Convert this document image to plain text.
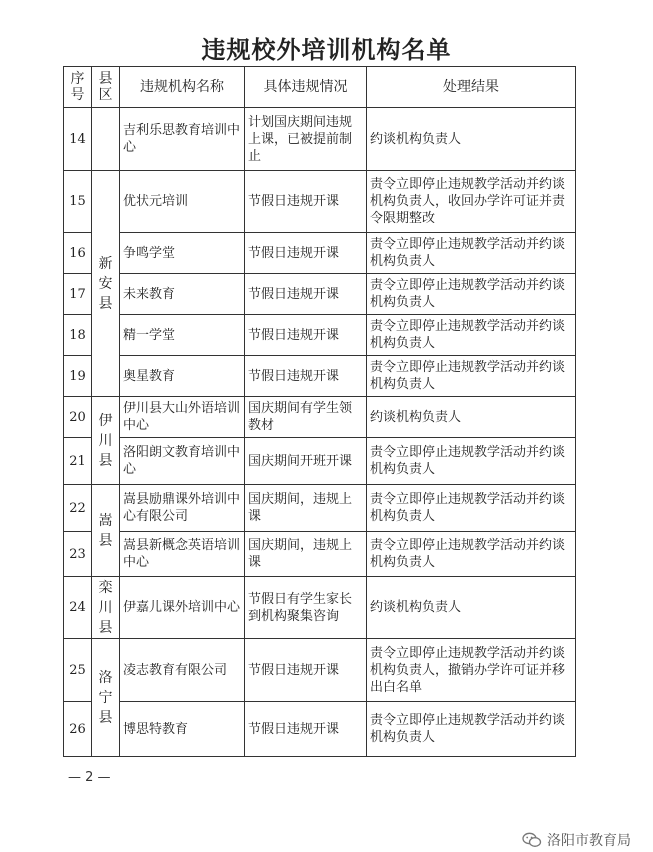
违规校外培训机构名单
序号	县区	违规机构名称	具体违规情况	处理结果
14		吉利乐思教育培训中心	计划国庆期间违规上课，已被提前制止	约谈机构负责人
15	新安县	优状元培训	节假日违规开课	责令立即停止违规教学活动并约谈机构负责人，收回办学许可证并责令限期整改
16		争鸣学堂	节假日违规开课	责令立即停止违规教学活动并约谈机构负责人
17		未来教育	节假日违规开课	责令立即停止违规教学活动并约谈机构负责人
18		精一学堂	节假日违规开课	责令立即停止违规教学活动并约谈机构负责人
19		奥星教育	节假日违规开课	责令立即停止违规教学活动并约谈机构负责人
20	伊川县	伊川县大山外语培训中心	国庆期间有学生领教材	约谈机构负责人
21		洛阳朗文教育培训中心	国庆期间开班开课	责令立即停止违规教学活动并约谈机构负责人
22	嵩县	嵩县励鼎课外培训中心有限公司	国庆期间，违规上课	责令立即停止违规教学活动并约谈机构负责人
23		嵩县新概念英语培训中心	国庆期间，违规上课	责令立即停止违规教学活动并约谈机构负责人
24	栾川县	伊嘉儿课外培训中心	节假日有学生家长到机构聚集咨询	约谈机构负责人
25	洛宁县	凌志教育有限公司	节假日违规开课	责令立即停止违规教学活动并约谈机构负责人，撤销办学许可证并移出白名单
26		博思特教育	节假日违规开课	责令立即停止违规教学活动并约谈机构负责人
— 2 —
洛阳市教育局
